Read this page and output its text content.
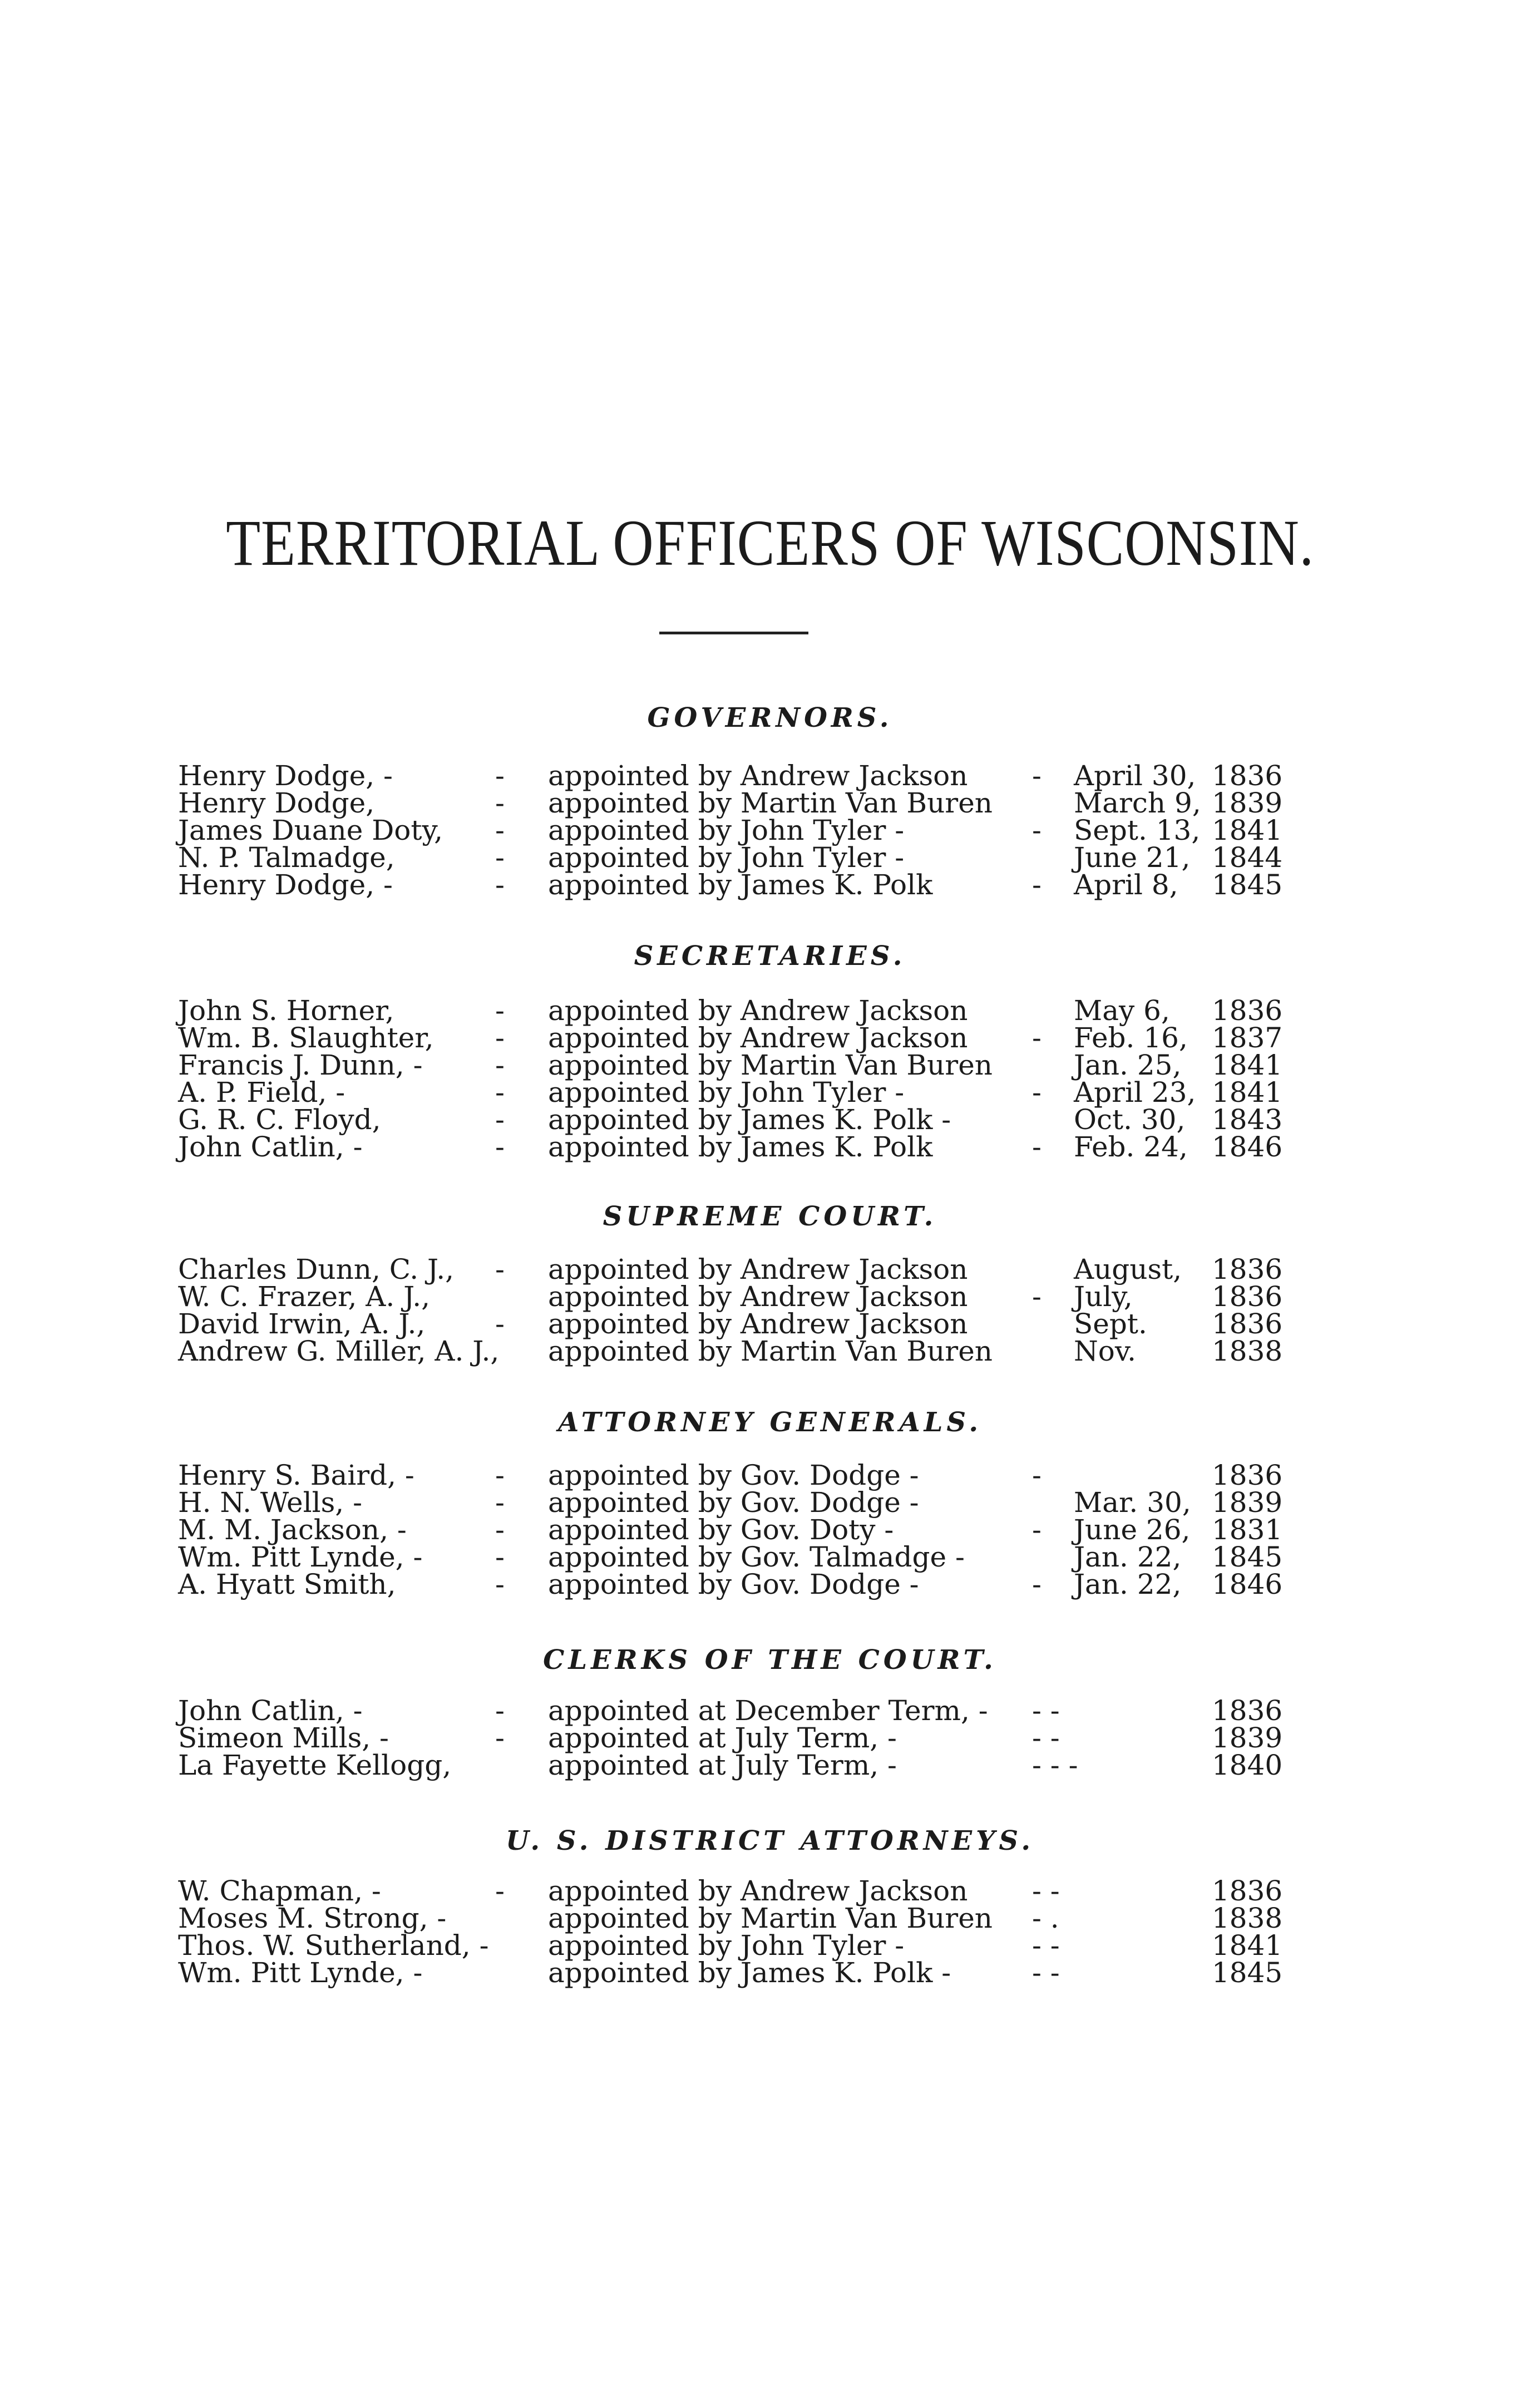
TERRITORIAL OFFICERS OF WISCONSIN.
GOVERNORS.
SECRETARIES.
SUPREME COURT.
ATTORNEY GENERALS.
CLERKS OF THE COURT.
U. S. DISTRICT ATTORNEYS.
Henry Dodge, -	- appointed by Andrew Jackson - April 30, 1836
Henry Dodge,	- appointed by Martin Van Buren	March 9, 1839
James Duane Doty, - appointed by John Tyler -	- Sept. 13, 1841
N. P. Talmadge,	- appointed by John Tyler -	June 21, 1844
Henry Dodge, -	- appointed by James K. Polk	- April 8, 1845
John S. Horner,	- appointed by Andrew Jackson	May 6, 1836
Wm. B. Slaughter, - appointed by Andrew Jackson - Feb. 16, 1837
Francis J. Dunn, -	- appointed by Martin Van Buren	Jan. 25, 1841
A. P. Field, -	- appointed by John Tyler -	- April 23, 1841
G. R. C. Floyd,	- appointed by James K. Polk -	Oct. 30, 1843
John Catlin, -	- appointed by James K. Polk	- Feb. 24, 1846
Charles Dunn, C. J., - appointed by Andrew Jackson	August, 1836
W. C. Frazer, A. J.,	appointed by Andrew Jackson - July,	1836
David Irwin, A. J.,	- appointed by Andrew Jackson	Sept. 1836
Andrew G. Miller, A. J., appointed by Martin Van Buren	Nov.	1838
Henry S. Baird, -	- appointed by Gov. Dodge -	-	1836
H. N. Wells, -	- appointed by Gov. Dodge -	Mar. 30, 1839
M. M. Jackson, -	- appointed by Gov. Doty -	- June 26, 1831
Wm. Pitt Lynde, -	- appointed by Gov. Talmadge -	Jan. 22, 1845
A. Hyatt Smith,	- appointed by Gov. Dodge -	- Jan. 22, 1846
John Catlin, -	- appointed at December Term, - - -	1836
Simeon Mills, -	- appointed at July Term, -	- -	1839
La Fayette Kellogg,	appointed at July Term, -	- - -	1840
W. Chapman, -	- appointed by Andrew Jackson - -	1836
Moses M. Strong, -	appointed by Martin Van Buren - .	1838
Thos. W. Sutherland, - appointed by John Tyler -	- -	1841
Wm. Pitt Lynde, -	appointed by James K. Polk -	- -	1845
